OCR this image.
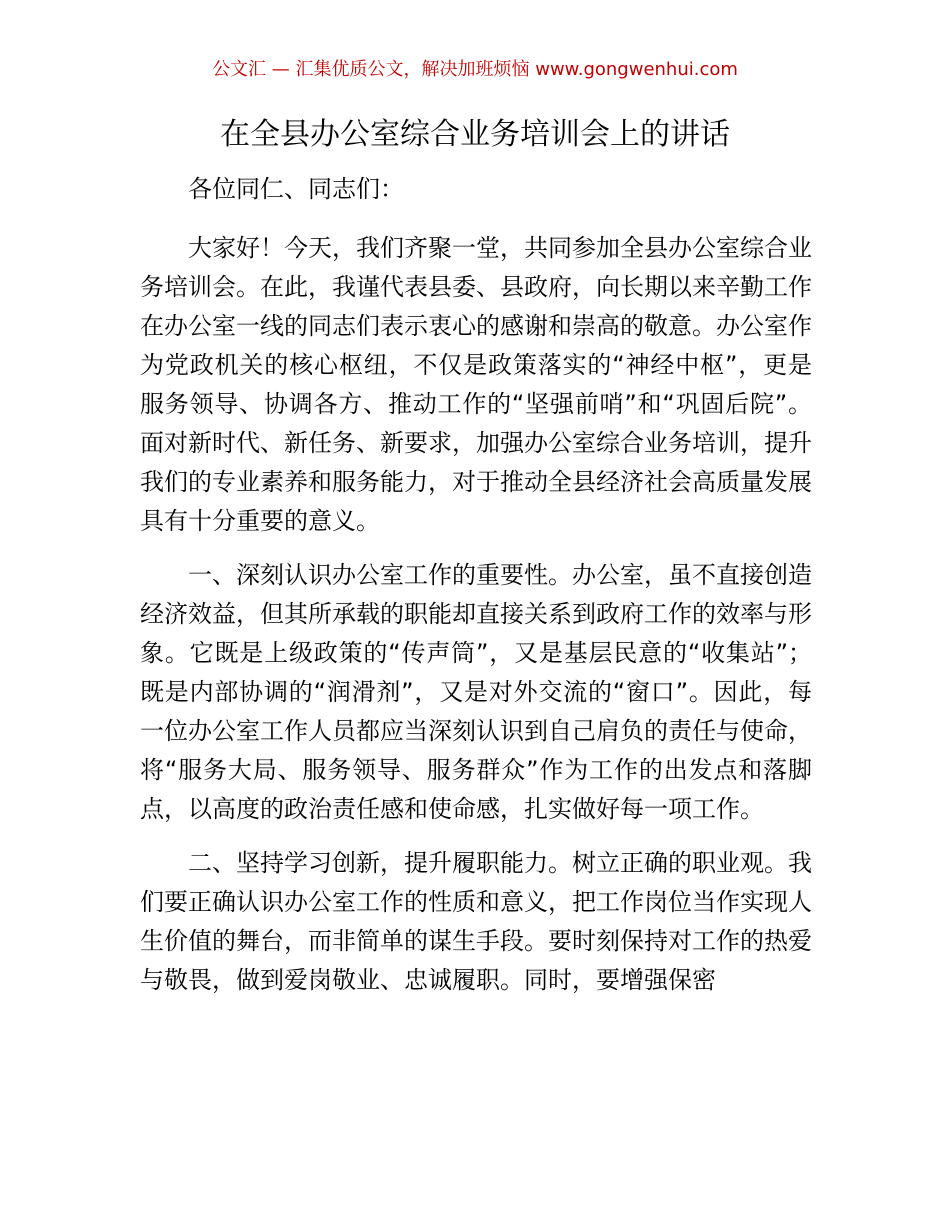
公文汇 — 汇集优质公文，解决加班烦恼 www.gongwenhui.com
在全县办公室综合业务培训会上的讲话

各位同仁、同志们：

大家好！今天，我们齐聚一堂，共同参加全县办公室综合业务培训会。在此，我谨代表县委、县政府，向长期以来辛勤工作在办公室一线的同志们表示衷心的感谢和崇高的敬意。办公室作为党政机关的核心枢纽，不仅是政策落实的“神经中枢”，更是服务领导、协调各方、推动工作的“坚强前哨”和“巩固后院”。面对新时代、新任务、新要求，加强办公室综合业务培训，提升我们的专业素养和服务能力，对于推动全县经济社会高质量发展具有十分重要的意义。

一、深刻认识办公室工作的重要性。办公室，虽不直接创造经济效益，但其所承载的职能却直接关系到政府工作的效率与形象。它既是上级政策的“传声筒”，又是基层民意的“收集站”；既是内部协调的“润滑剂”，又是对外交流的“窗口”。因此，每一位办公室工作人员都应当深刻认识到自己肩负的责任与使命，将“服务大局、服务领导、服务群众”作为工作的出发点和落脚点，以高度的政治责任感和使命感，扎实做好每一项工作。

二、坚持学习创新，提升履职能力。树立正确的职业观。我们要正确认识办公室工作的性质和意义，把工作岗位当作实现人生价值的舞台，而非简单的谋生手段。要时刻保持对工作的热爱与敬畏，做到爱岗敬业、忠诚履职。同时，要增强保密
